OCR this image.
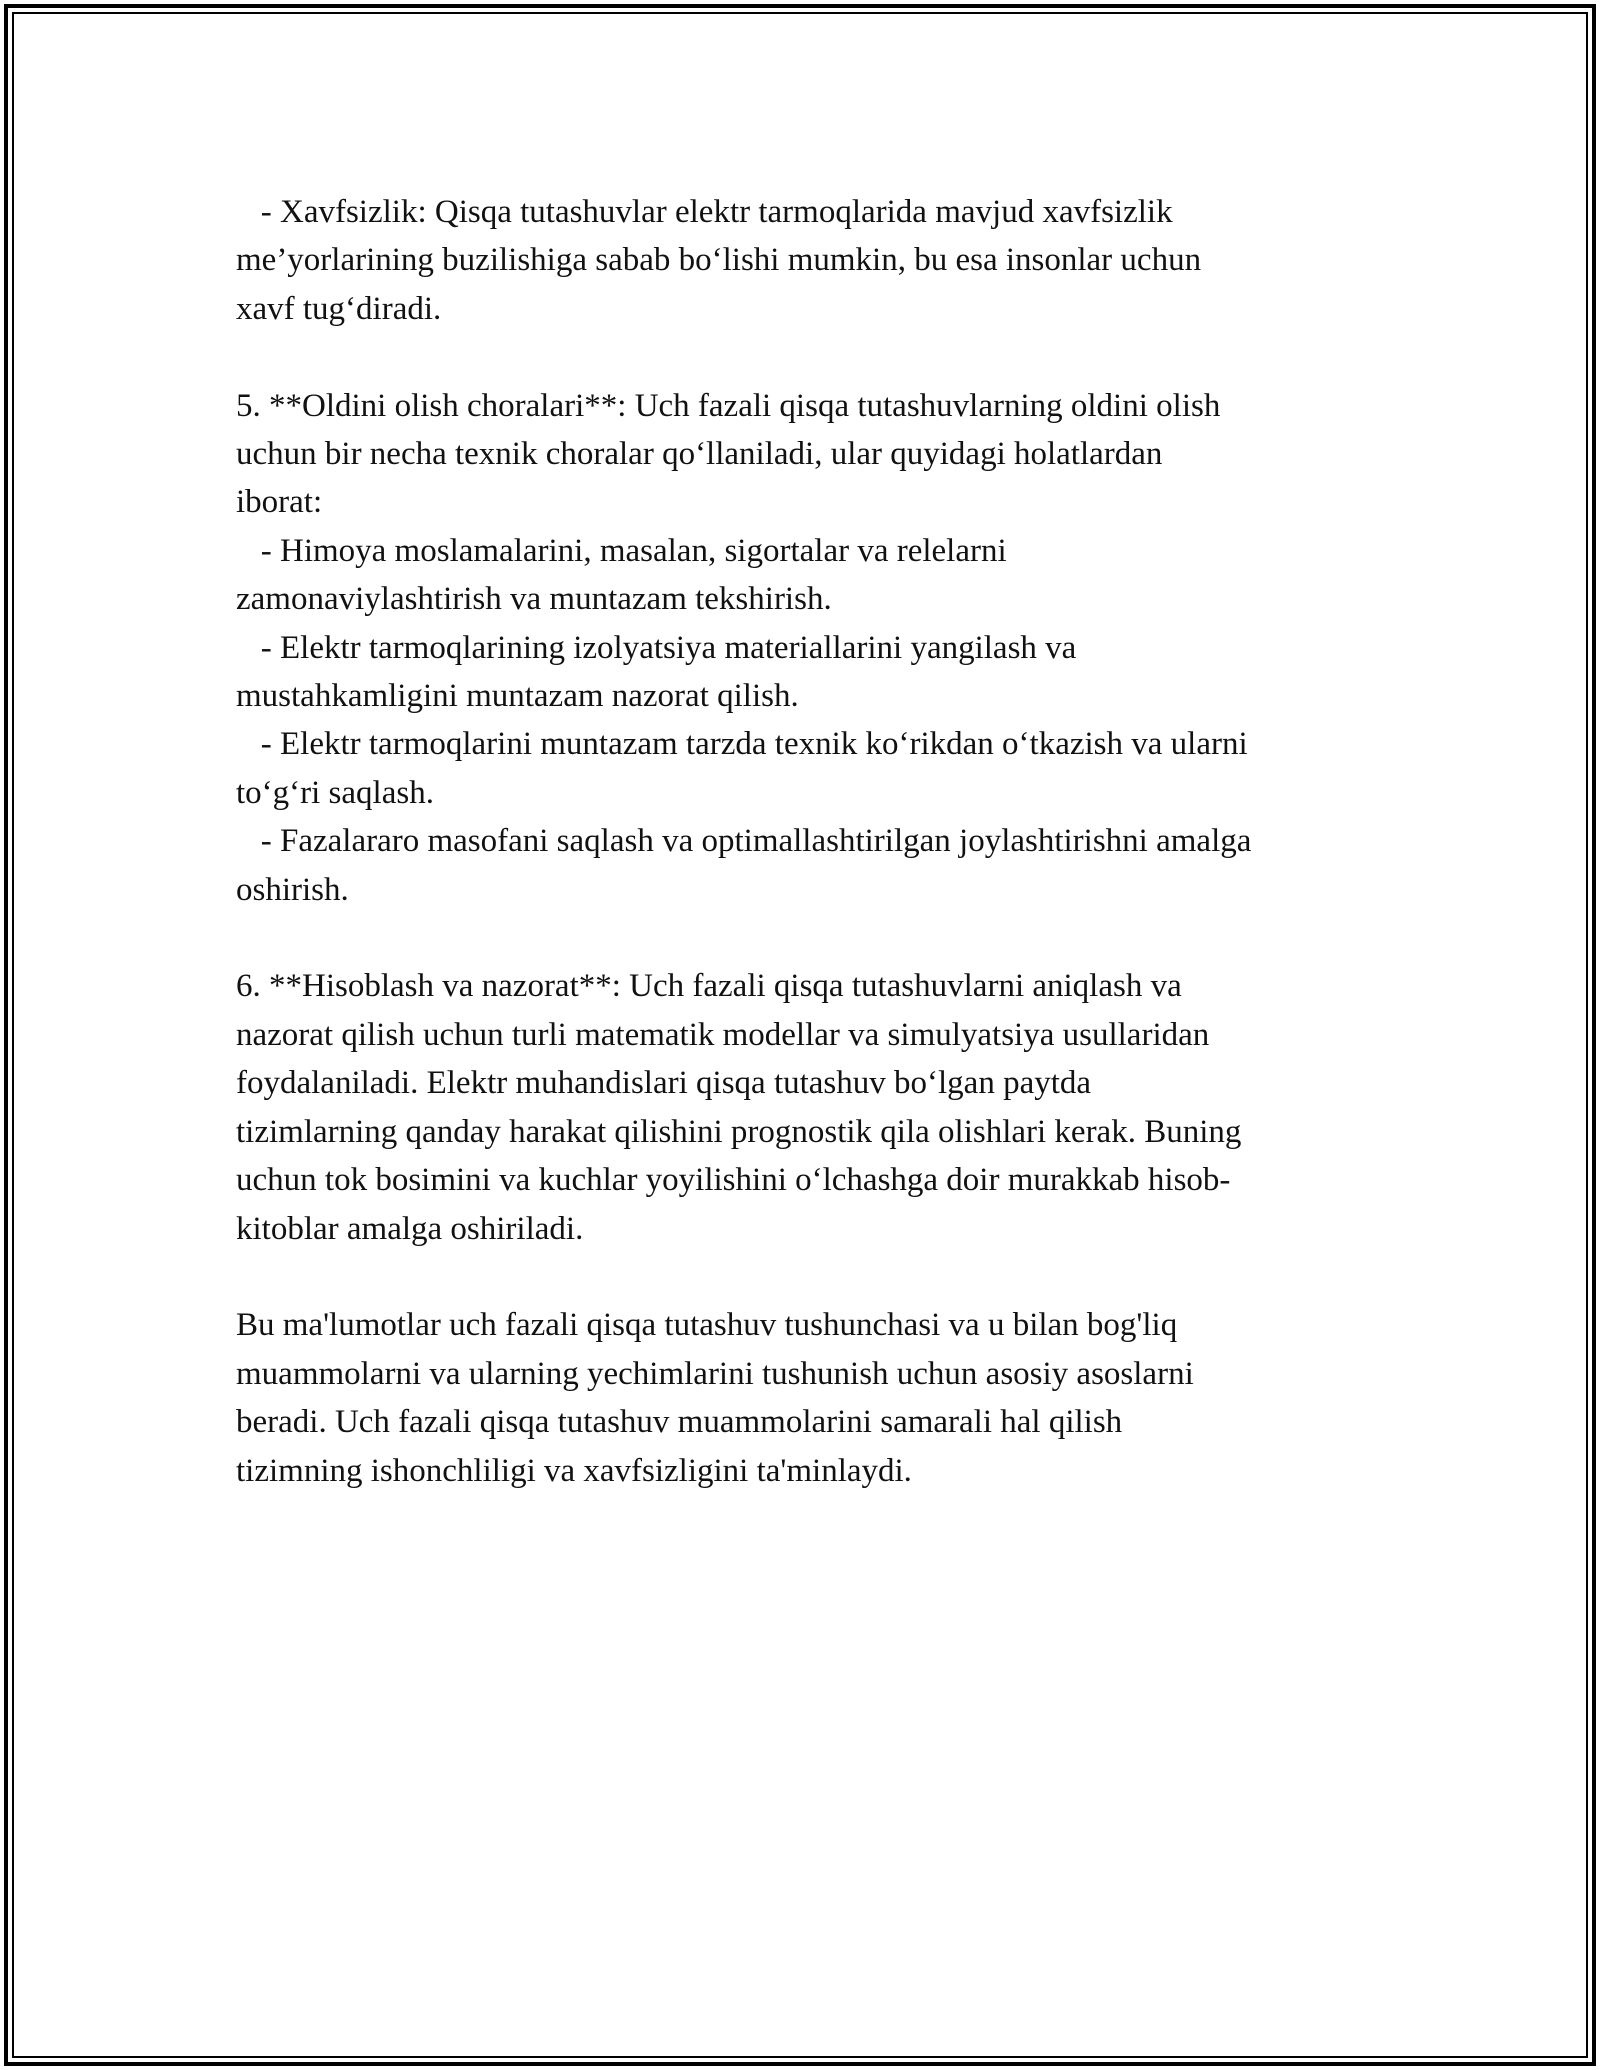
- Xavfsizlik: Qisqa tutashuvlar elektr tarmoqlarida mavjud xavfsizlik
me’yorlarining buzilishiga sabab bo‘lishi mumkin, bu esa insonlar uchun
xavf tug‘diradi.
5. **Oldini olish choralari**: Uch fazali qisqa tutashuvlarning oldini olish
uchun bir necha texnik choralar qo‘llaniladi, ular quyidagi holatlardan
iborat:
- Himoya moslamalarini, masalan, sigortalar va relelarni
zamonaviylashtirish va muntazam tekshirish.
- Elektr tarmoqlarining izolyatsiya materiallarini yangilash va
mustahkamligini muntazam nazorat qilish.
- Elektr tarmoqlarini muntazam tarzda texnik ko‘rikdan o‘tkazish va ularni
to‘g‘ri saqlash.
- Fazalararo masofani saqlash va optimallashtirilgan joylashtirishni amalga
oshirish.
6. **Hisoblash va nazorat**: Uch fazali qisqa tutashuvlarni aniqlash va
nazorat qilish uchun turli matematik modellar va simulyatsiya usullaridan
foydalaniladi. Elektr muhandislari qisqa tutashuv bo‘lgan paytda
tizimlarning qanday harakat qilishini prognostik qila olishlari kerak. Buning
uchun tok bosimini va kuchlar yoyilishini o‘lchashga doir murakkab hisob-
kitoblar amalga oshiriladi.
Bu ma'lumotlar uch fazali qisqa tutashuv tushunchasi va u bilan bog'liq
muammolarni va ularning yechimlarini tushunish uchun asosiy asoslarni
beradi. Uch fazali qisqa tutashuv muammolarini samarali hal qilish
tizimning ishonchliligi va xavfsizligini ta'minlaydi.
